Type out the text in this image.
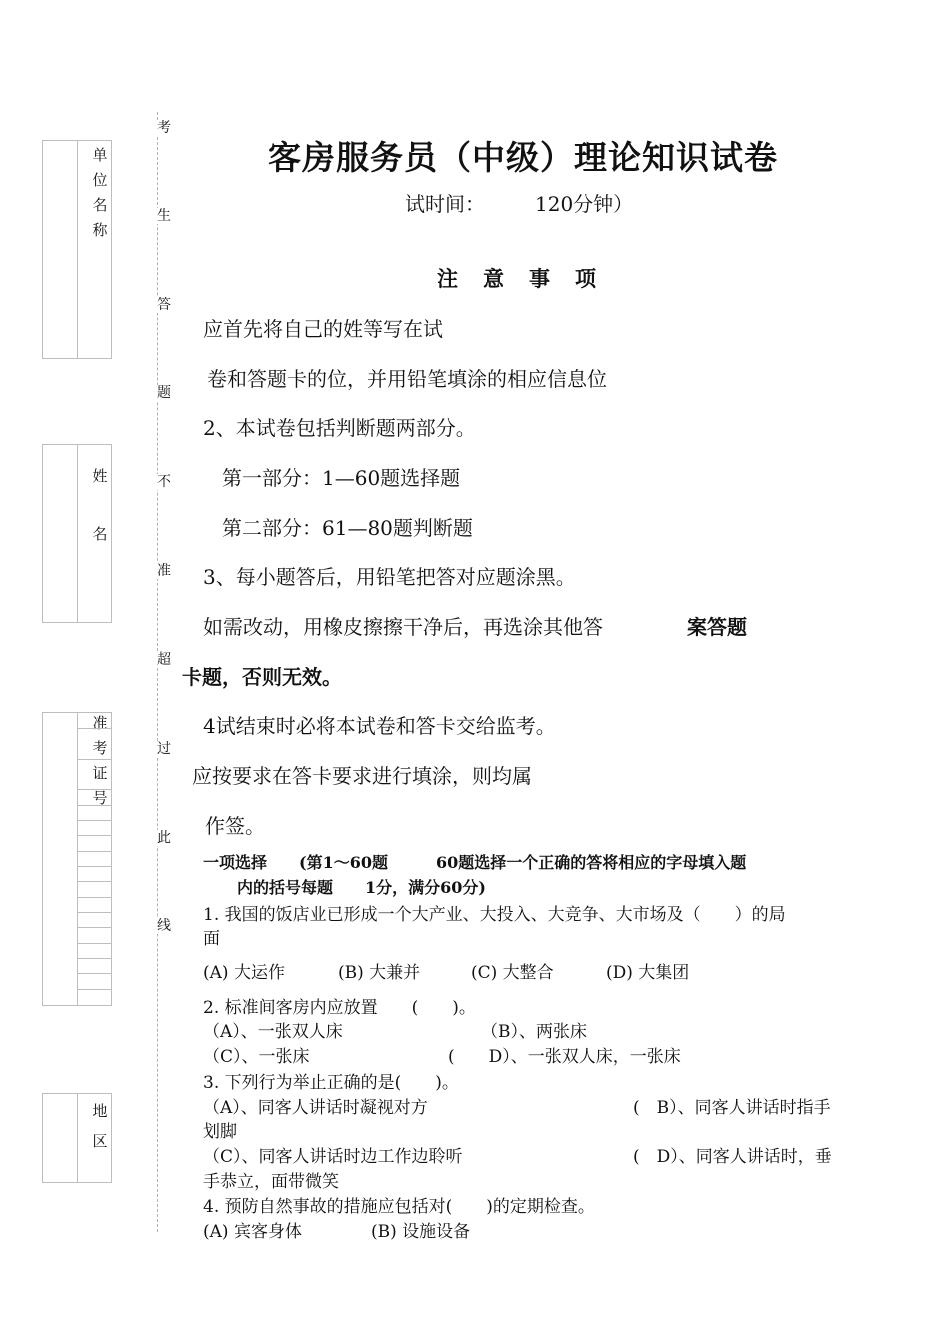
单位名称
姓名
准考证号
地区
考
生
答
题
不
准
超
过
此
线
客房服务员（中级）理论知识试卷
试时间：　　　120分钟）
注　意　事　项
应首先将自己的姓等写在试
卷和答题卡的位，并用铅笔填涂的相应信息位
2、本试卷包括判断题两部分。
第一部分：1—60题选择题
第二部分：61—80题判断题
3、每小题答后，用铅笔把答对应题涂黑。
如需改动，用橡皮擦擦干净后，再选涂其他答	案答题
卡题，否则无效。
4试结束时必将本试卷和答卡交给监考。
应按要求在答卡要求进行填涂，则均属
作签。
一项选择　　(第1～60题　　　60题选择一个正确的答将相应的字母填入题
内的括号每题　　1分，满分60分)
1. 我国的饭店业已形成一个大产业、大投入、大竞争、大市场及（　　）的局
面
(A) 大运作	(B) 大兼并	(C) 大整合	(D) 大集团
2. 标准间客房内应放置　　(　　)。
（A）、一张双人床	（B）、两张床
（C）、一张床	(　　D）、一张双人床，一张床
3. 下列行为举止正确的是(　　)。
（A）、同客人讲话时凝视对方	(　B）、同客人讲话时指手
划脚
（C）、同客人讲话时边工作边聆听	(　D）、同客人讲话时，垂
手恭立，面带微笑
4. 预防自然事故的措施应包括对(　　)的定期检查。
(A) 宾客身体	(B) 设施设备
